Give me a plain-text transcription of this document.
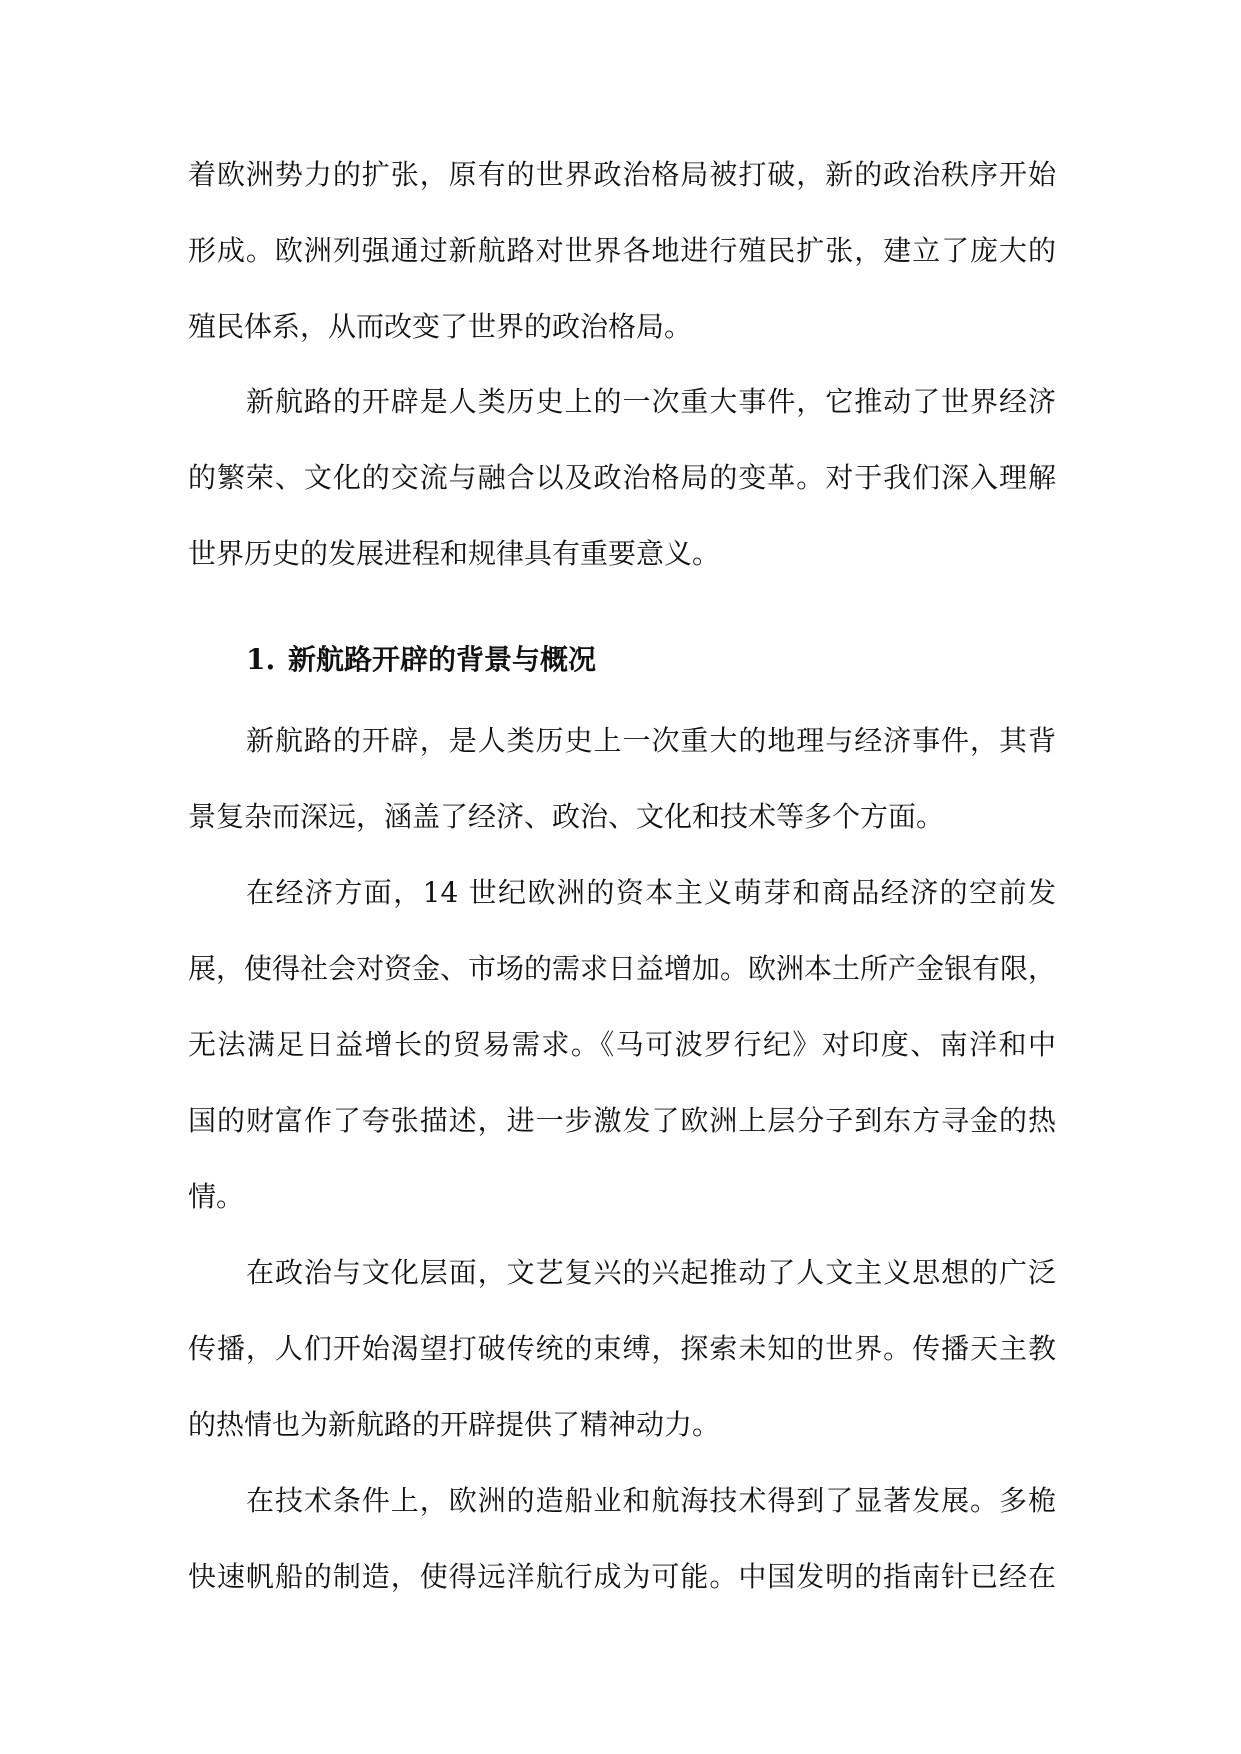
着欧洲势力的扩张，原有的世界政治格局被打破，新的政治秩序开始
形成。欧洲列强通过新航路对世界各地进行殖民扩张，建立了庞大的
殖民体系，从而改变了世界的政治格局。
新航路的开辟是人类历史上的一次重大事件，它推动了世界经济
的繁荣、文化的交流与融合以及政治格局的变革。对于我们深入理解
世界历史的发展进程和规律具有重要意义。
1. 新航路开辟的背景与概况
新航路的开辟，是人类历史上一次重大的地理与经济事件，其背
景复杂而深远，涵盖了经济、政治、文化和技术等多个方面。
在经济方面，14 世纪欧洲的资本主义萌芽和商品经济的空前发
展，使得社会对资金、市场的需求日益增加。欧洲本土所产金银有限，
无法满足日益增长的贸易需求。《马可波罗行纪》对印度、南洋和中
国的财富作了夸张描述，进一步激发了欧洲上层分子到东方寻金的热
情。
在政治与文化层面，文艺复兴的兴起推动了人文主义思想的广泛
传播，人们开始渴望打破传统的束缚，探索未知的世界。传播天主教
的热情也为新航路的开辟提供了精神动力。
在技术条件上，欧洲的造船业和航海技术得到了显著发展。多桅
快速帆船的制造，使得远洋航行成为可能。中国发明的指南针已经在
